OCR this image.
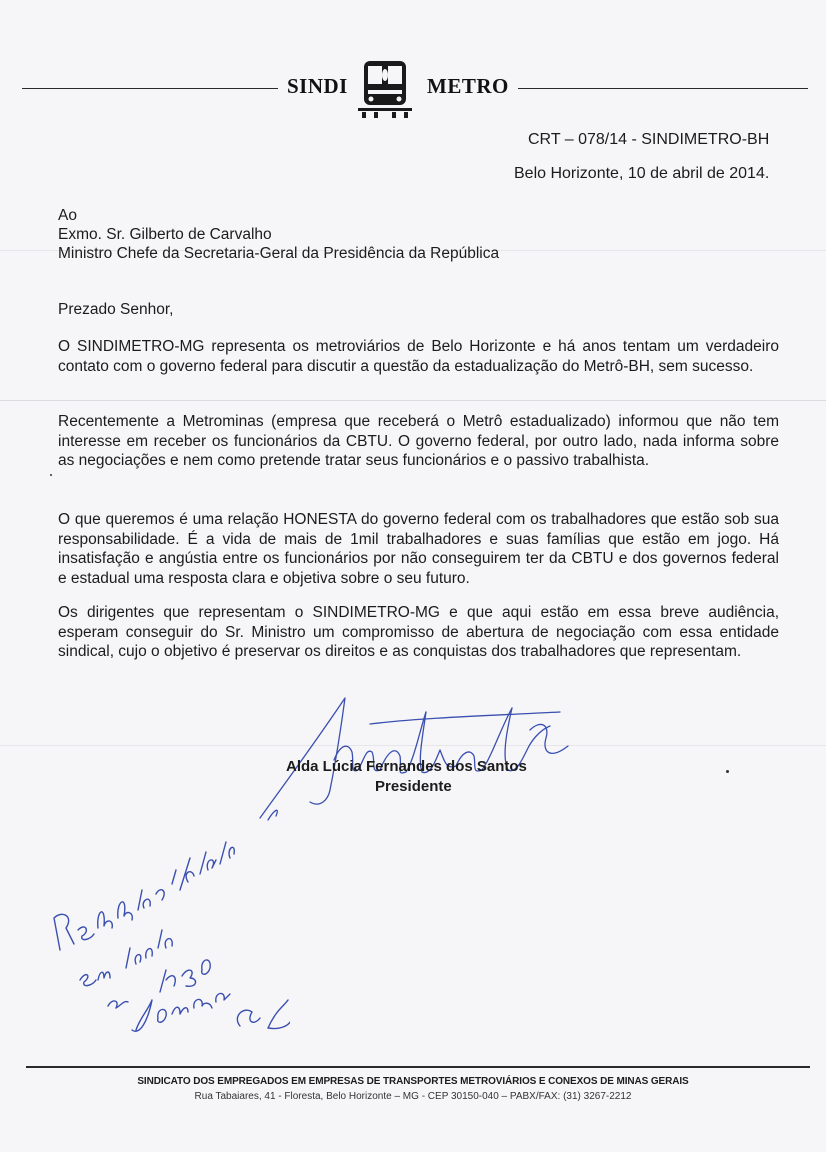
SINDI	METRO
CRT – 078/14 - SINDIMETRO-BH
Belo Horizonte, 10 de abril de 2014.
Ao
Exmo. Sr. Gilberto de Carvalho
Ministro Chefe da Secretaria-Geral da Presidência da República
Prezado Senhor,
O SINDIMETRO-MG representa os metroviários de Belo Horizonte e há anos tentam um verdadeiro contato com o governo federal para discutir a questão da estadualização do Metrô-BH, sem sucesso.
Recentemente a Metrominas (empresa que receberá o Metrô estadualizado) informou que não tem interesse em receber os funcionários da CBTU. O governo federal, por outro lado, nada informa sobre as negociações e nem como pretende tratar seus funcionários e o passivo trabalhista.
O que queremos é uma relação HONESTA do governo federal com os trabalhadores que estão sob sua responsabilidade. É a vida de mais de 1mil trabalhadores e suas famílias que estão em jogo. Há insatisfação e angústia entre os funcionários por não conseguirem ter da CBTU e dos governos federal e estadual uma resposta clara e objetiva sobre o seu futuro.
Os dirigentes que representam o SINDIMETRO-MG e que aqui estão em essa breve audiência, esperam conseguir do Sr. Ministro um compromisso de abertura de negociação com essa entidade sindical, cujo o objetivo é preservar os direitos e as conquistas dos trabalhadores que representam.
Alda Lúcia Fernandes dos Santos
Presidente
SINDICATO DOS EMPREGADOS EM EMPRESAS DE TRANSPORTES METROVIÁRIOS E CONEXOS DE MINAS GERAIS
Rua Tabaiares, 41 - Floresta, Belo Horizonte – MG - CEP 30150-040 – PABX/FAX: (31) 3267-2212
